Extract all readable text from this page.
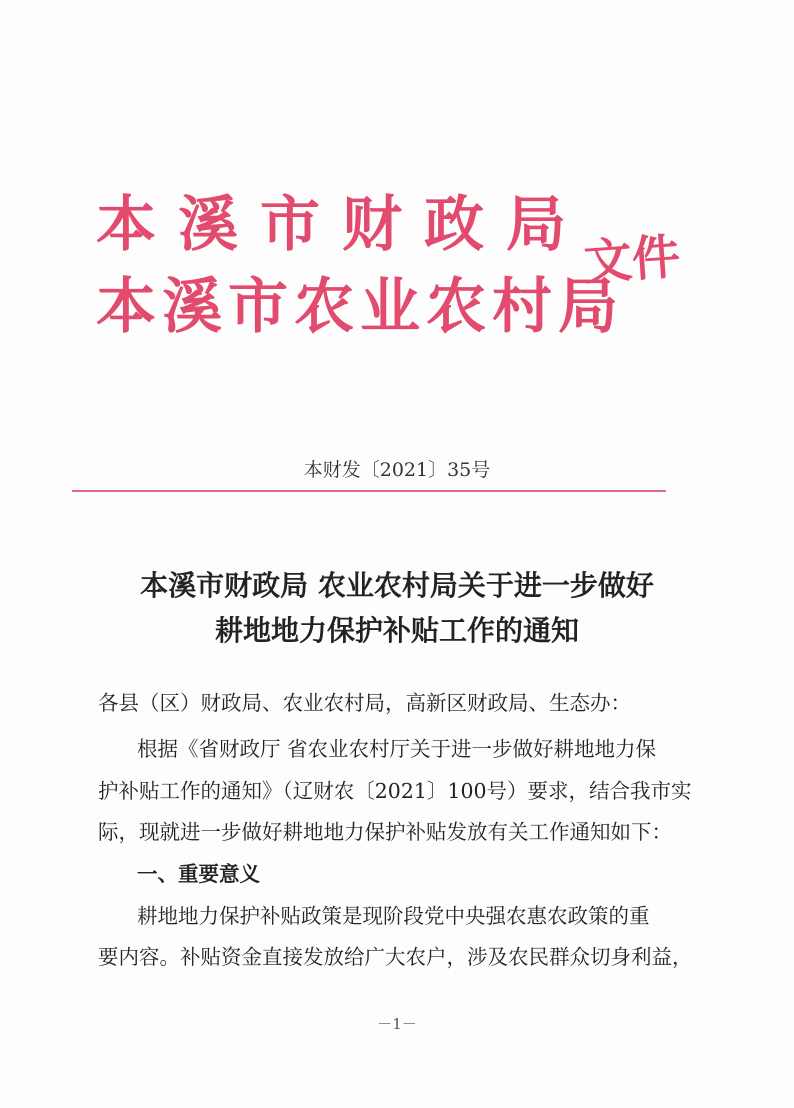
本溪市财政局
本溪市农业农村局
文件
本财发〔2021〕35号
本溪市财政局 农业农村局关于进一步做好
耕地地力保护补贴工作的通知
各县（区）财政局、农业农村局，高新区财政局、生态办：
根据《省财政厅 省农业农村厅关于进一步做好耕地地力保
护补贴工作的通知》（辽财农〔2021〕100号）要求，结合我市实
际，现就进一步做好耕地地力保护补贴发放有关工作通知如下：
一、重要意义
耕地地力保护补贴政策是现阶段党中央强农惠农政策的重
要内容。补贴资金直接发放给广大农户，涉及农民群众切身利益，
－1－
